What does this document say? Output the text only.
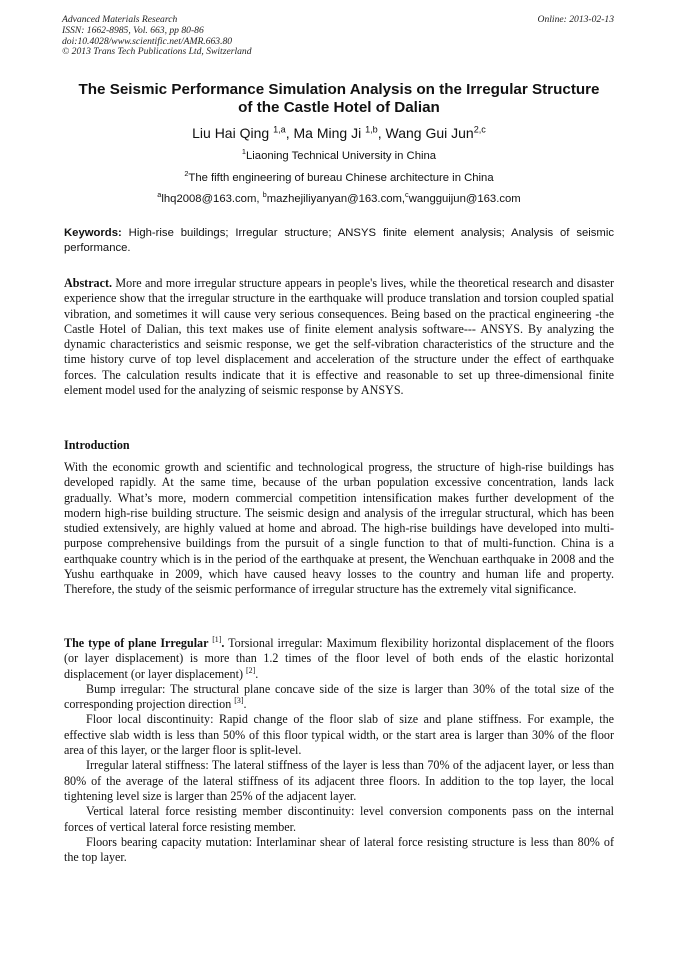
Advanced Materials Research
ISSN: 1662-8985, Vol. 663, pp 80-86
doi:10.4028/www.scientific.net/AMR.663.80
© 2013 Trans Tech Publications Ltd, Switzerland
Online: 2013-02-13
The Seismic Performance Simulation Analysis on the Irregular Structure
of the Castle Hotel of Dalian
Liu Hai Qing $^{1,a}$, Ma Ming Ji $^{1,b}$, Wang Gui Jun$^{2,c}$
$^1$Liaoning Technical University in China
$^2$The fifth engineering of bureau Chinese architecture in China
$^a$lhq2008@163.com, $^b$mazhejiliyanyan@163.com,$^c$wangguijun@163.com
Keywords: High-rise buildings; Irregular structure; ANSYS finite element analysis; Analysis of seismic performance.
Abstract. More and more irregular structure appears in people's lives, while the theoretical research and disaster experience show that the irregular structure in the earthquake will produce translation and torsion coupled spatial vibration, and sometimes it will cause very serious consequences. Being based on the practical engineering -the Castle Hotel of Dalian, this text makes use of finite element analysis software--- ANSYS. By analyzing the dynamic characteristics and seismic response, we get the self-vibration characteristics of the structure and the time history curve of top level displacement and acceleration of the structure under the effect of earthquake forces. The calculation results indicate that it is effective and reasonable to set up three-dimensional finite element model used for the analyzing of seismic response by ANSYS.
Introduction
With the economic growth and scientific and technological progress, the structure of high-rise buildings has developed rapidly. At the same time, because of the urban population excessive concentration, lands lack gradually. What’s more, modern commercial competition intensification makes further development of the modern high-rise building structure. The seismic design and analysis of the irregular structural, which has been studied extensively, are highly valued at home and abroad. The high-rise buildings have developed into multi-purpose comprehensive buildings from the pursuit of a single function to that of multi-function. China is a earthquake country which is in the period of the earthquake at present, the Wenchuan earthquake in 2008 and the Yushu earthquake in 2009, which have caused heavy losses to the country and human life and property. Therefore, the study of the seismic performance of irregular structure has the extremely vital significance.

The type of plane Irregular [1]. Torsional irregular: Maximum flexibility horizontal displacement of the floors (or layer displacement) is more than 1.2 times of the floor level of both ends of the elastic horizontal displacement (or layer displacement) [2].

Bump irregular: The structural plane concave side of the size is larger than 30% of the total size of the corresponding projection direction [3].

Floor local discontinuity: Rapid change of the floor slab of size and plane stiffness. For example, the effective slab width is less than 50% of this floor typical width, or the start area is larger than 30% of the floor area of this layer, or the larger floor is split-level.

Irregular lateral stiffness: The lateral stiffness of the layer is less than 70% of the adjacent layer, or less than 80% of the average of the lateral stiffness of its adjacent three floors. In addition to the top layer, the local tightening level size is larger than 25% of the adjacent layer.

Vertical lateral force resisting member discontinuity: level conversion components pass on the internal forces of vertical lateral force resisting member.

Floors bearing capacity mutation: Interlaminar shear of lateral force resisting structure is less than 80% of the top layer.
